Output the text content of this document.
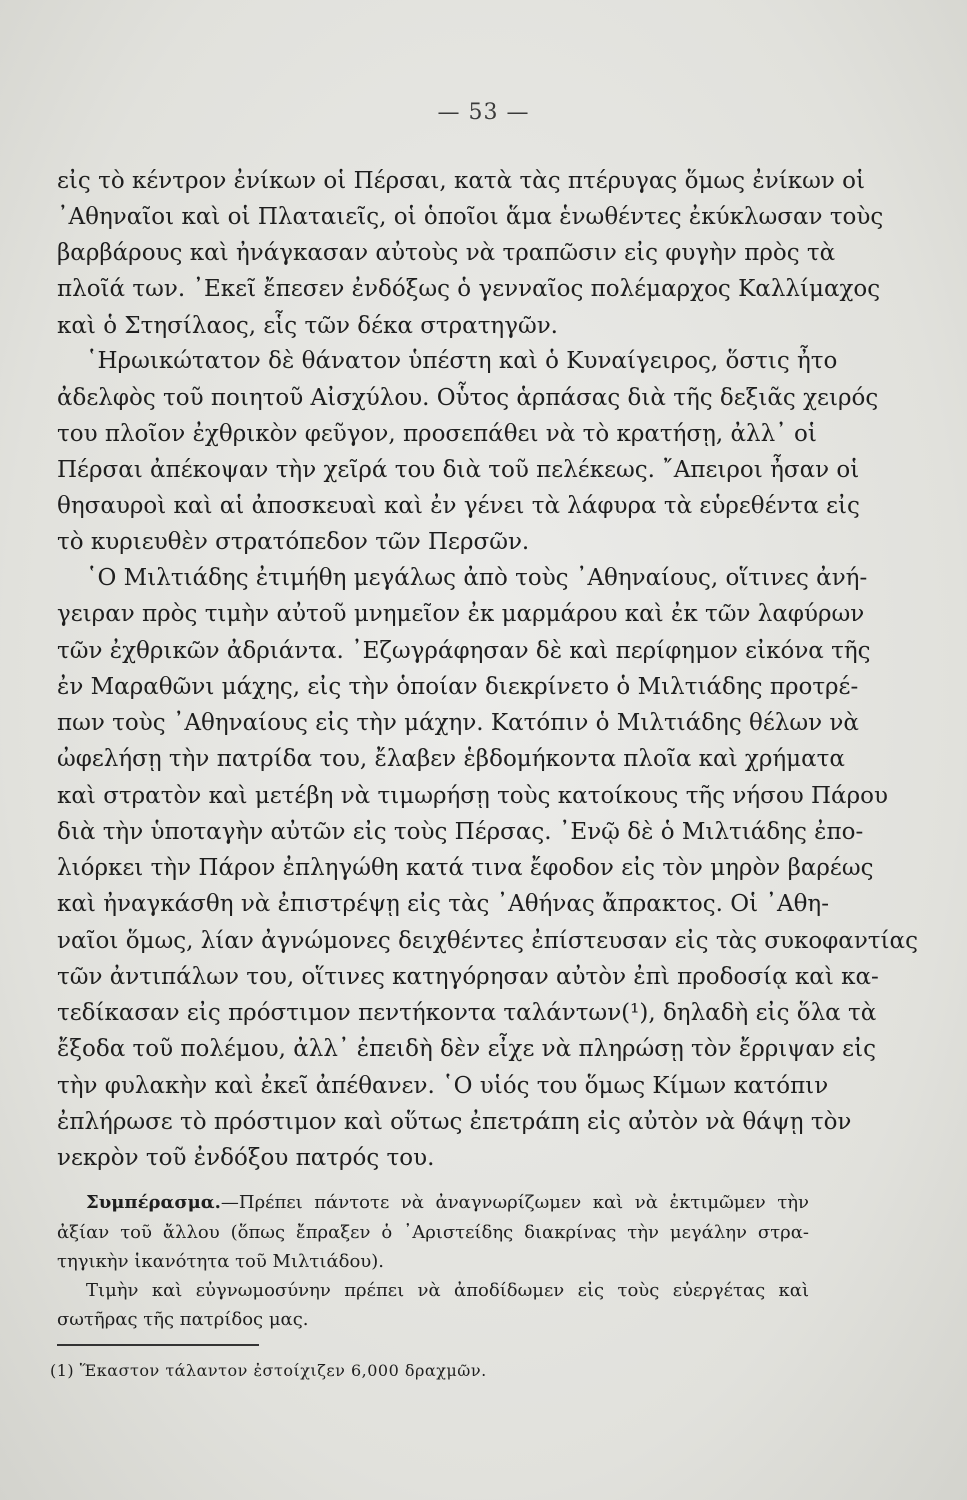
— 53 —
εἰς τὸ κέντρον ἐνίκων οἱ Πέρσαι, κατὰ τὰς πτέρυγας ὅμως ἐνίκων οἱ
᾿Αθηναῖοι καὶ οἱ Πλαταιεῖς, οἱ ὁποῖοι ἅμα ἑνωθέντες ἐκύκλωσαν τοὺς
βαρβάρους καὶ ἠνάγκασαν αὐτοὺς νὰ τραπῶσιν εἰς φυγὴν πρὸς τὰ
πλοῖά των. ᾿Εκεῖ ἔπεσεν ἐνδόξως ὁ γενναῖος πολέμαρχος Καλλίμαχος
καὶ ὁ Στησίλαος, εἷς τῶν δέκα στρατηγῶν.
῾Ηρωικώτατον δὲ θάνατον ὑπέστη καὶ ὁ Κυναίγειρος, ὅστις ἦτο
ἀδελφὸς τοῦ ποιητοῦ Αἰσχύλου. Οὗτος ἁρπάσας διὰ τῆς δεξιᾶς χειρός
του πλοῖον ἐχθρικὸν φεῦγον, προσεπάθει νὰ τὸ κρατήσῃ, ἀλλ᾿ οἱ
Πέρσαι ἀπέκοψαν τὴν χεῖρά του διὰ τοῦ πελέκεως. ῎Απειροι ἦσαν οἱ
θησαυροὶ καὶ αἱ ἀποσκευαὶ καὶ ἐν γένει τὰ λάφυρα τὰ εὑρεθέντα εἰς
τὸ κυριευθὲν στρατόπεδον τῶν Περσῶν.
῾Ο Μιλτιάδης ἐτιμήθη μεγάλως ἀπὸ τοὺς ᾿Αθηναίους, οἵτινες ἀνή-
γειραν πρὸς τιμὴν αὐτοῦ μνημεῖον ἐκ μαρμάρου καὶ ἐκ τῶν λαφύρων
τῶν ἐχθρικῶν ἀδριάντα. ᾿Εζωγράφησαν δὲ καὶ περίφημον εἰκόνα τῆς
ἐν Μαραθῶνι μάχης, εἰς τὴν ὁποίαν διεκρίνετο ὁ Μιλτιάδης προτρέ-
πων τοὺς ᾿Αθηναίους εἰς τὴν μάχην. Κατόπιν ὁ Μιλτιάδης θέλων νὰ
ὠφελήσῃ τὴν πατρίδα του, ἔλαβεν ἑβδομήκοντα πλοῖα καὶ χρήματα
καὶ στρατὸν καὶ μετέβη νὰ τιμωρήσῃ τοὺς κατοίκους τῆς νήσου Πάρου
διὰ τὴν ὑποταγὴν αὐτῶν εἰς τοὺς Πέρσας. ᾿Ενῷ δὲ ὁ Μιλτιάδης ἐπο-
λιόρκει τὴν Πάρον ἐπληγώθη κατά τινα ἔφοδον εἰς τὸν μηρὸν βαρέως
καὶ ἠναγκάσθη νὰ ἐπιστρέψῃ εἰς τὰς ᾿Αθήνας ἄπρακτος. Οἱ ᾿Αθη-
ναῖοι ὅμως, λίαν ἀγνώμονες δειχθέντες ἐπίστευσαν εἰς τὰς συκοφαντίας
τῶν ἀντιπάλων του, οἵτινες κατηγόρησαν αὐτὸν ἐπὶ προδοσίᾳ καὶ κα-
τεδίκασαν εἰς πρόστιμον πεντήκοντα ταλάντων(¹), δηλαδὴ εἰς ὅλα τὰ
ἔξοδα τοῦ πολέμου, ἀλλ᾿ ἐπειδὴ δὲν εἶχε νὰ πληρώσῃ τὸν ἔρριψαν εἰς
τὴν φυλακὴν καὶ ἐκεῖ ἀπέθανεν. ῾Ο υἱός του ὅμως Κίμων κατόπιν
ἐπλήρωσε τὸ πρόστιμον καὶ οὕτως ἐπετράπη εἰς αὐτὸν νὰ θάψῃ τὸν
νεκρὸν τοῦ ἐνδόξου πατρός του.
Συμπέρασμα.—Πρέπει πάντοτε νὰ ἀναγνωρίζωμεν καὶ νὰ ἐκτιμῶμεν τὴν
ἀξίαν τοῦ ἄλλου (ὅπως ἔπραξεν ὁ ᾿Αριστείδης διακρίνας τὴν μεγάλην στρα-
τηγικὴν ἱκανότητα τοῦ Μιλτιάδου).
Τιμὴν καὶ εὐγνωμοσύνην πρέπει νὰ ἀποδίδωμεν εἰς τοὺς εὐεργέτας καὶ
σωτῆρας τῆς πατρίδος μας.
(1) Ἕκαστον τάλαντον ἐστοίχιζεν 6,000 δραχμῶν.
